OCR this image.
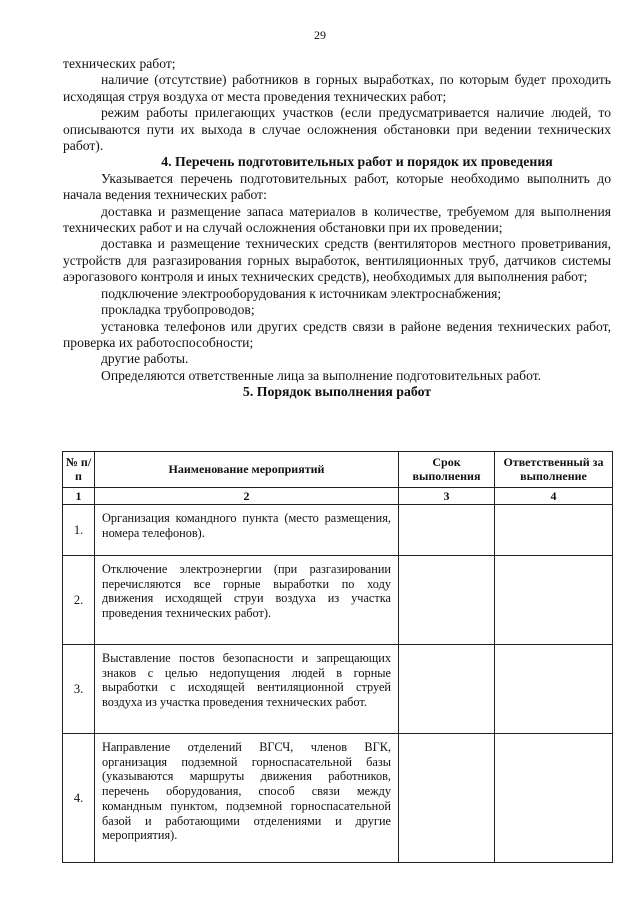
29

технических работ;

наличие (отсутствие) работников в горных выработках, по которым будет проходить исходящая струя воздуха от места проведения технических работ;

режим работы прилегающих участков (если предусматривается наличие людей, то описываются пути их выхода в случае осложнения обстановки при ведении технических работ).

4. Перечень подготовительных работ и порядок их проведения

Указывается перечень подготовительных работ, которые необходимо выполнить до начала ведения технических работ:

доставка и размещение запаса материалов в количестве, требуемом для выполнения технических работ и на случай осложнения обстановки при их проведении;

доставка и размещение технических средств (вентиляторов местного проветривания, устройств для разгазирования горных выработок, вентиляционных труб, датчиков системы аэрогазового контроля и иных технических средств), необходимых для выполнения работ;

подключение электрооборудования к источникам электроснабжения;

прокладка трубопроводов;

установка телефонов или других средств связи в районе ведения технических работ, проверка их работоспособности;

другие работы.

Определяются ответственные лица за выполнение подготовительных работ.

5. Порядок выполнения работ
№ п/п	Наименование мероприятий	Срок выполнения	Ответственный за выполнение
1	2	3	4
1.	Организация командного пункта (место размещения, номера телефонов).		
2.	Отключение электроэнергии (при разгазировании перечисляются все горные выработки по ходу движения исходящей струи воздуха из участка проведения технических работ).		
3.	Выставление постов безопасности и запрещающих знаков с целью недопущения людей в горные выработки с исходящей вентиляционной струей воздуха из участка проведения технических работ.		
4.	Направление отделений ВГСЧ, членов ВГК, организация подземной горноспасательной базы (указываются маршруты движения работников, перечень оборудования, способ связи между командным пунктом, подземной горноспасательной базой и работающими отделениями и другие мероприятия).		
